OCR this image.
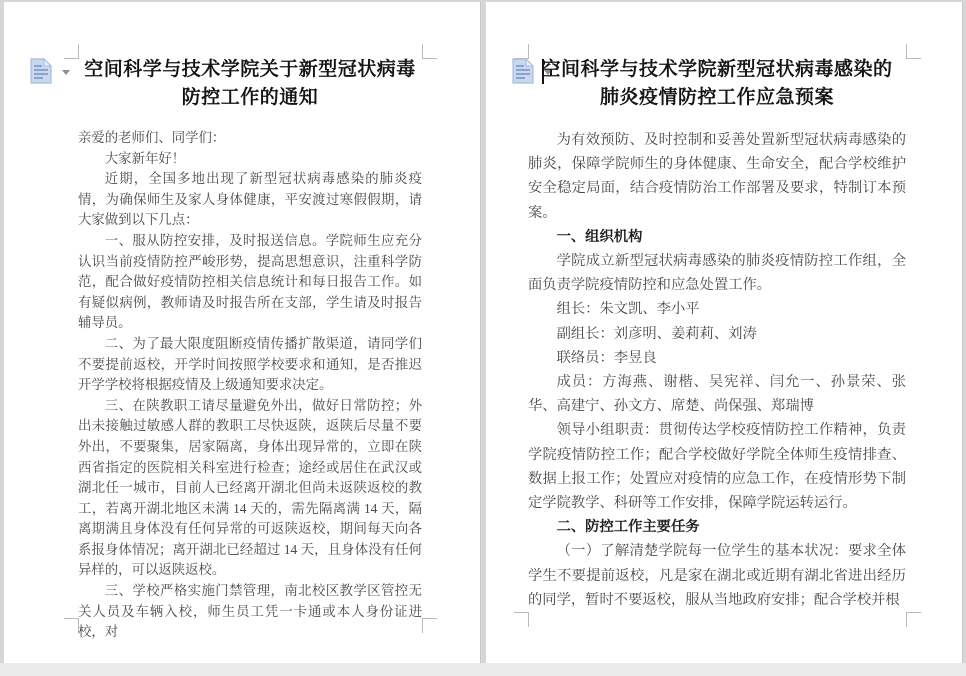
空间科学与技术学院关于新型冠状病毒
防控工作的通知

亲爱的老师们、同学们：

大家新年好！

近期，全国多地出现了新型冠状病毒感染的肺炎疫情，为确保师生及家人身体健康，平安渡过寒假假期，请大家做到以下几点：

一、服从防控安排，及时报送信息。学院师生应充分认识当前疫情防控严峻形势，提高思想意识，注重科学防范，配合做好疫情防控相关信息统计和每日报告工作。如有疑似病例，教师请及时报告所在支部，学生请及时报告辅导员。

二、为了最大限度阻断疫情传播扩散渠道，请同学们不要提前返校，开学时间按照学校要求和通知，是否推迟开学学校将根据疫情及上级通知要求决定。

三、在陕教职工请尽量避免外出，做好日常防控；外出未接触过敏感人群的教职工尽快返陕，返陕后尽量不要外出，不要聚集，居家隔离，身体出现异常的，立即在陕西省指定的医院相关科室进行检查；途经或居住在武汉或湖北任一城市，目前人已经离开湖北但尚未返陕返校的教工，若离开湖北地区未满 14 天的，需先隔离满 14 天，隔离期满且身体没有任何异常的可返陕返校，期间每天向各系报身体情况；离开湖北已经超过 14 天，且身体没有任何异样的，可以返陕返校。

三、学校严格实施门禁管理，南北校区教学区管控无关人员及车辆入校，师生员工凭一卡通或本人身份证进校，对

空间科学与技术学院新型冠状病毒感染的
肺炎疫情防控工作应急预案

为有效预防、及时控制和妥善处置新型冠状病毒感染的肺炎，保障学院师生的身体健康、生命安全，配合学校维护安全稳定局面，结合疫情防治工作部署及要求，特制订本预案。

一、组织机构

学院成立新型冠状病毒感染的肺炎疫情防控工作组，全面负责学院疫情防控和应急处置工作。

组长：朱文凯、李小平

副组长：刘彦明、姜莉莉、刘涛

联络员：李昱良

成员：方海燕、谢楷、吴宪祥、闫允一、孙景荣、张华、高建宁、孙文方、席楚、尚保强、郑瑞博

领导小组职责：贯彻传达学校疫情防控工作精神，负责学院疫情防控工作；配合学校做好学院全体师生疫情排查、数据上报工作；处置应对疫情的应急工作，在疫情形势下制定学院教学、科研等工作安排，保障学院运转运行。

二、防控工作主要任务

（一）了解清楚学院每一位学生的基本状况：要求全体学生不要提前返校，凡是家在湖北或近期有湖北省进出经历的同学，暂时不要返校，服从当地政府安排；配合学校并根
